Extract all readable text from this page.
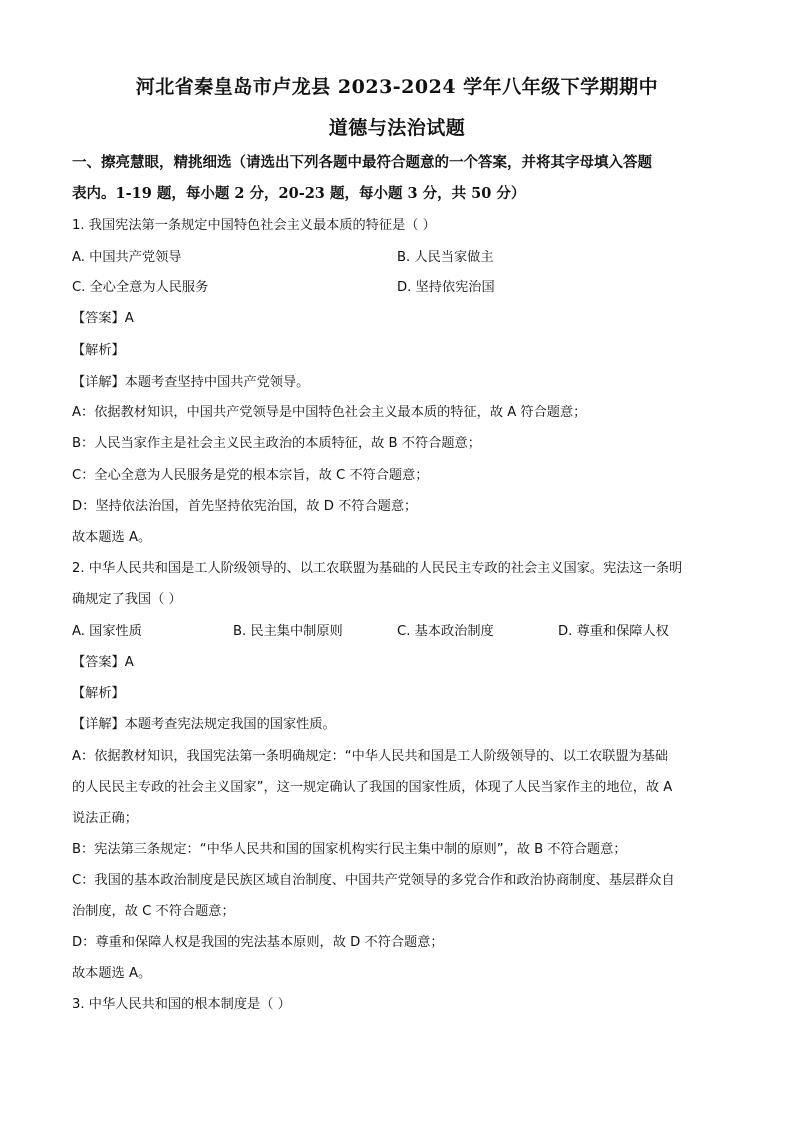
河北省秦皇岛市卢龙县 2023-2024 学年八年级下学期期中
道德与法治试题
一、擦亮慧眼，精挑细选（请选出下列各题中最符合题意的一个答案，并将其字母填入答题
表内。1-19 题，每小题 2 分，20-23 题，每小题 3 分，共 50 分）
1. 我国宪法第一条规定中国特色社会主义最本质的特征是（ ）
A. 中国共产党领导	B. 人民当家做主
C. 全心全意为人民服务	D. 坚持依宪治国
【答案】A
【解析】
【详解】本题考查坚持中国共产党领导。
A：依据教材知识，中国共产党领导是中国特色社会主义最本质的特征，故 A 符合题意；
B：人民当家作主是社会主义民主政治的本质特征，故 B 不符合题意；
C：全心全意为人民服务是党的根本宗旨，故 C 不符合题意；
D：坚持依法治国，首先坚持依宪治国，故 D 不符合题意；
故本题选 A。
2. 中华人民共和国是工人阶级领导的、以工农联盟为基础的人民民主专政的社会主义国家。宪法这一条明
确规定了我国（ ）
A. 国家性质	B. 民主集中制原则	C. 基本政治制度	D. 尊重和保障人权
【答案】A
【解析】
【详解】本题考查宪法规定我国的国家性质。
A：依据教材知识，我国宪法第一条明确规定：“中华人民共和国是工人阶级领导的、以工农联盟为基础
的人民民主专政的社会主义国家”，这一规定确认了我国的国家性质，体现了人民当家作主的地位，故 A
说法正确；
B：宪法第三条规定：“中华人民共和国的国家机构实行民主集中制的原则”，故 B 不符合题意；
C：我国的基本政治制度是民族区域自治制度、中国共产党领导的多党合作和政治协商制度、基层群众自
治制度，故 C 不符合题意；
D：尊重和保障人权是我国的宪法基本原则，故 D 不符合题意；
故本题选 A。
3. 中华人民共和国的根本制度是（ ）
